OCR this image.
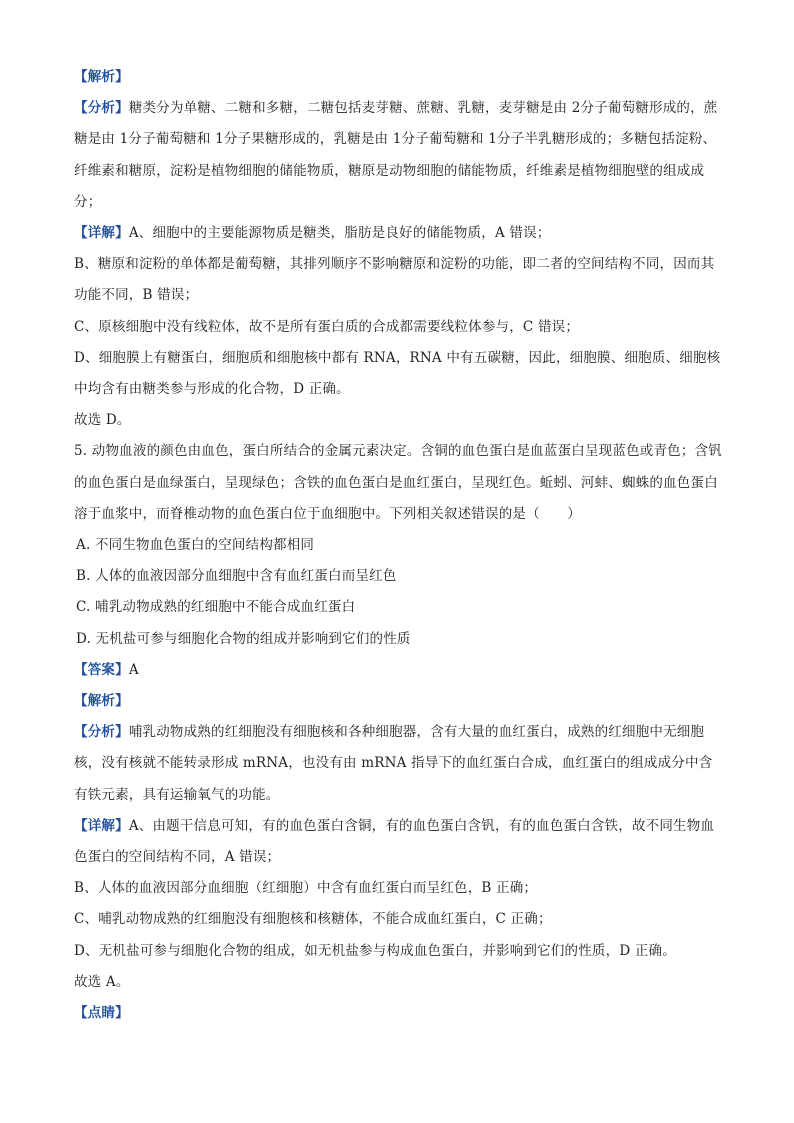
【解析】

【分析】糖类分为单糖、二糖和多糖，二糖包括麦芽糖、蔗糖、乳糖，麦芽糖是由 2分子葡萄糖形成的，蔗糖是由 1分子葡萄糖和 1分子果糖形成的，乳糖是由 1分子葡萄糖和 1分子半乳糖形成的；多糖包括淀粉、纤维素和糖原，淀粉是植物细胞的储能物质，糖原是动物细胞的储能物质，纤维素是植物细胞壁的组成成分；

【详解】A、细胞中的主要能源物质是糖类，脂肪是良好的储能物质，A 错误；

B、糖原和淀粉的单体都是葡萄糖，其排列顺序不影响糖原和淀粉的功能，即二者的空间结构不同，因而其功能不同，B 错误；

C、原核细胞中没有线粒体，故不是所有蛋白质的合成都需要线粒体参与，C 错误；

D、细胞膜上有糖蛋白，细胞质和细胞核中都有 RNA，RNA 中有五碳糖，因此，细胞膜、细胞质、细胞核中均含有由糖类参与形成的化合物，D 正确。

故选 D。

5. 动物血液的颜色由血色，蛋白所结合的金属元素决定。含铜的血色蛋白是血蓝蛋白呈现蓝色或青色；含钒的血色蛋白是血绿蛋白，呈现绿色；含铁的血色蛋白是血红蛋白，呈现红色。蚯蚓、河蚌、蜘蛛的血色蛋白溶于血浆中，而脊椎动物的血色蛋白位于血细胞中。下列相关叙述错误的是（　　）

A. 不同生物血色蛋白的空间结构都相同

B. 人体的血液因部分血细胞中含有血红蛋白而呈红色

C. 哺乳动物成熟的红细胞中不能合成血红蛋白

D. 无机盐可参与细胞化合物的组成并影响到它们的性质

【答案】A

【解析】

【分析】哺乳动物成熟的红细胞没有细胞核和各种细胞器，含有大量的血红蛋白，成熟的红细胞中无细胞核，没有核就不能转录形成 mRNA，也没有由 mRNA 指导下的血红蛋白合成，血红蛋白的组成成分中含有铁元素，具有运输氧气的功能。

【详解】A、由题干信息可知，有的血色蛋白含铜，有的血色蛋白含钒，有的血色蛋白含铁，故不同生物血色蛋白的空间结构不同，A 错误；

B、人体的血液因部分血细胞（红细胞）中含有血红蛋白而呈红色，B 正确；

C、哺乳动物成熟的红细胞没有细胞核和核糖体，不能合成血红蛋白，C 正确；

D、无机盐可参与细胞化合物的组成，如无机盐参与构成血色蛋白，并影响到它们的性质，D 正确。

故选 A。

【点睛】
